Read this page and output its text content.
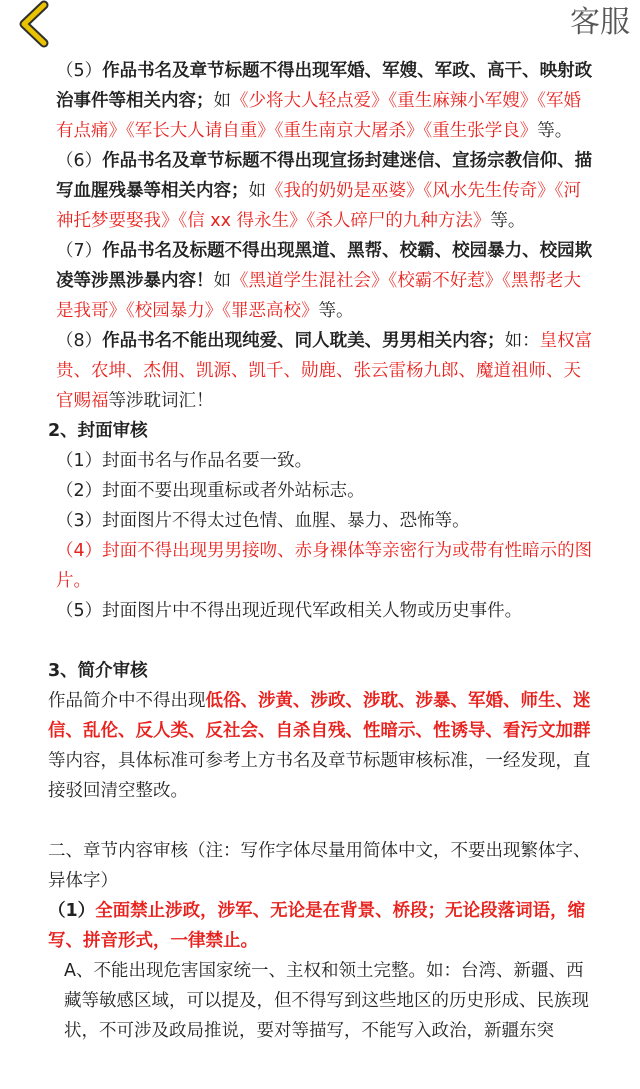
客服

（5）作品书名及章节标题不得出现军婚、军嫂、军政、高干、映射政治事件等相关内容；如《少将大人轻点爱》《重生麻辣小军嫂》《军婚有点痛》《军长大人请自重》《重生南京大屠杀》《重生张学良》等。

（6）作品书名及章节标题不得出现宣扬封建迷信、宣扬宗教信仰、描写血腥残暴等相关内容；如《我的奶奶是巫婆》《风水先生传奇》《河神托梦要娶我》《信 xx 得永生》《杀人碎尸的九种方法》等。

（7）作品书名及标题不得出现黑道、黑帮、校霸、校园暴力、校园欺凌等涉黑涉暴内容！如《黑道学生混社会》《校霸不好惹》《黑帮老大是我哥》《校园暴力》《罪恶高校》等。

（8）作品书名不能出现纯爱、同人耽美、男男相关内容；如：皇权富贵、农坤、杰佣、凯源、凯千、勋鹿、张云雷杨九郎、魔道祖师、天官赐福等涉耽词汇！

2、封面审核

（1）封面书名与作品名要一致。

（2）封面不要出现重标或者外站标志。

（3）封面图片不得太过色情、血腥、暴力、恐怖等。

（4）封面不得出现男男接吻、赤身裸体等亲密行为或带有性暗示的图片。

（5）封面图片中不得出现近现代军政相关人物或历史事件。

3、简介审核

作品简介中不得出现低俗、涉黄、涉政、涉耽、涉暴、军婚、师生、迷信、乱伦、反人类、反社会、自杀自残、性暗示、性诱导、看污文加群等内容，具体标准可参考上方书名及章节标题审核标准，一经发现，直接驳回清空整改。

二、章节内容审核（注：写作字体尽量用简体中文，不要出现繁体字、异体字）

（1）全面禁止涉政，涉军、无论是在背景、桥段；无论段落词语，缩写、拼音形式，一律禁止。

A、不能出现危害国家统一、主权和领土完整。如：台湾、新疆、西藏等敏感区域，可以提及，但不得写到这些地区的历史形成、民族现状，不可涉及政局推说，要对等描写，不能写入政治，新疆东突
